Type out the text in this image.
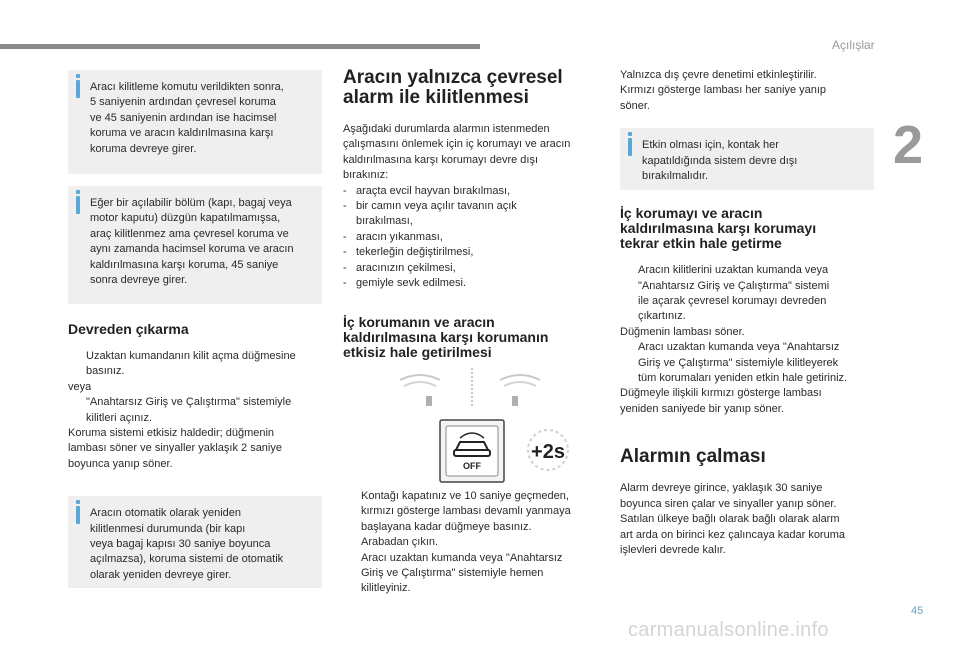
Açılışlar
2
45
carmanualsonline.info

Aracı kilitleme komutu verildikten sonra,

5 saniyenin ardından çevresel koruma

ve 45 saniyenin ardından ise hacimsel

koruma ve aracın kaldırılmasına karşı

koruma devreye girer.

Eğer bir açılabilir bölüm (kapı, bagaj veya

motor kaputu) düzgün kapatılmamışsa,

araç kilitlenmez ama çevresel koruma ve

aynı zamanda hacimsel koruma ve aracın

kaldırılmasına karşı koruma, 45 saniye

sonra devreye girer.

Devreden çıkarma

Uzaktan kumandanın kilit açma düğmesine

basınız.

veya

"Anahtarsız Giriş ve Çalıştırma" sistemiyle

kilitleri açınız.

Koruma sistemi etkisiz haldedir; düğmenin

lambası söner ve sinyaller yaklaşık 2 saniye

boyunca yanıp söner.

Aracın otomatik olarak yeniden

kilitlenmesi durumunda (bir kapı

veya bagaj kapısı 30 saniye boyunca

açılmazsa), koruma sistemi de otomatik

olarak yeniden devreye girer.

Aracın yalnızca çevresel
alarm ile kilitlenmesi

Aşağıdaki durumlarda alarmın istenmeden

çalışmasını önlemek için iç korumayı ve aracın

kaldırılmasına karşı korumayı devre dışı

bırakınız:

- araçta evcil hayvan bırakılması,

- bir camın veya açılır tavanın açık

bırakılması,

- aracın yıkanması,

- tekerleğin değiştirilmesi,

- aracınızın çekilmesi,

- gemiyle sevk edilmesi.

İç korumanın ve aracın
kaldırılmasına karşı korumanın
etkisiz hale getirilmesi
OFF
+2s

Kontağı kapatınız ve 10 saniye geçmeden,

kırmızı gösterge lambası devamlı yanmaya

başlayana kadar düğmeye basınız.

Arabadan çıkın.

Aracı uzaktan kumanda veya "Anahtarsız

Giriş ve Çalıştırma" sistemiyle hemen

kilitleyiniz.

Yalnızca dış çevre denetimi etkinleştirilir.

Kırmızı gösterge lambası her saniye yanıp

söner.

Etkin olması için, kontak her

kapatıldığında sistem devre dışı

bırakılmalıdır.

İç korumayı ve aracın
kaldırılmasına karşı korumayı
tekrar etkin hale getirme

Aracın kilitlerini uzaktan kumanda veya

"Anahtarsız Giriş ve Çalıştırma" sistemi

ile açarak çevresel korumayı devreden

çıkartınız.

Düğmenin lambası söner.

Aracı uzaktan kumanda veya "Anahtarsız

Giriş ve Çalıştırma" sistemiyle kilitleyerek

tüm korumaları yeniden etkin hale getiriniz.

Düğmeyle ilişkili kırmızı gösterge lambası

yeniden saniyede bir yanıp söner.

Alarmın çalması

Alarm devreye girince, yaklaşık 30 saniye

boyunca siren çalar ve sinyaller yanıp söner.

Satılan ülkeye bağlı olarak bağlı olarak alarm

art arda on birinci kez çalıncaya kadar koruma

işlevleri devrede kalır.
